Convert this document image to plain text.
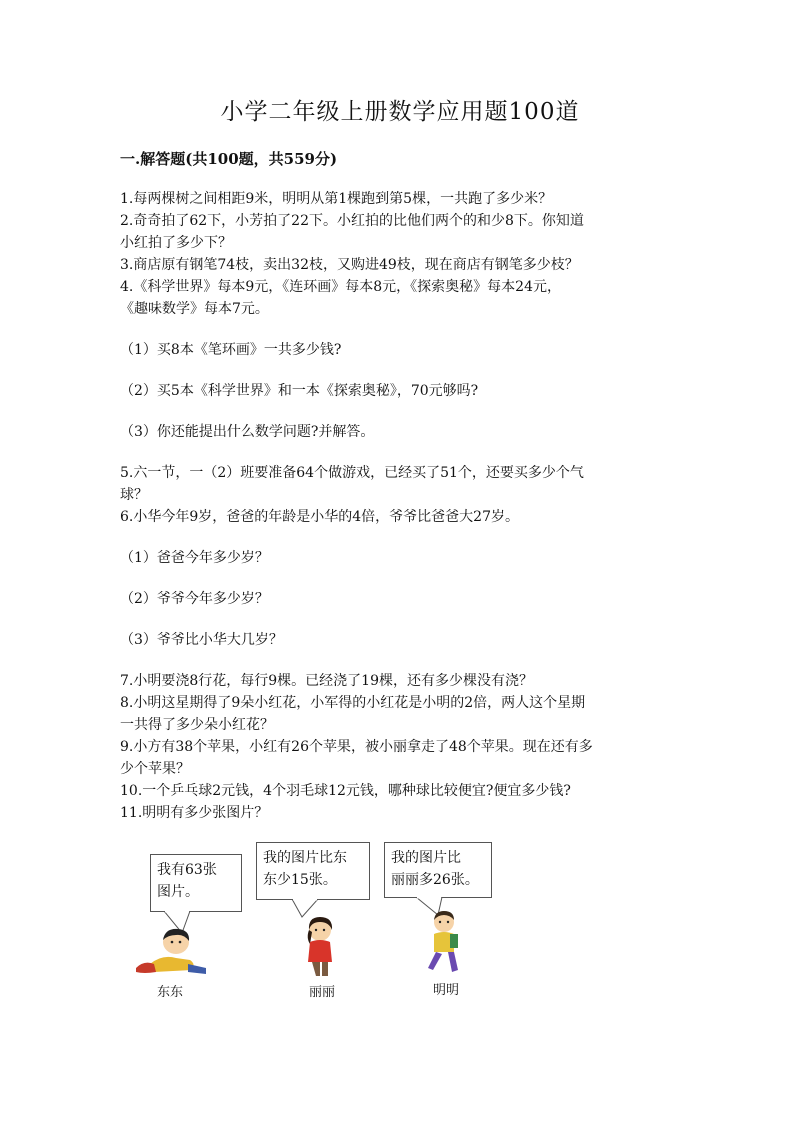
小学二年级上册数学应用题100道
一.解答题(共100题，共559分)

1.每两棵树之间相距9米，明明从第1棵跑到第5棵，一共跑了多少米？

2.奇奇拍了62下，小芳拍了22下。小红拍的比他们两个的和少8下。你知道

小红拍了多少下？

3.商店原有钢笔74枝，卖出32枝，又购进49枝，现在商店有钢笔多少枝？

4.《科学世界》每本9元，《连环画》每本8元，《探索奥秘》每本24元，

《趣味数学》每本7元。

（1）买8本《笔环画》一共多少钱?

（2）买5本《科学世界》和一本《探索奥秘》，70元够吗?

（3）你还能提出什么数学问题?并解答。

5.六一节，一（2）班要准备64个做游戏，已经买了51个，还要买多少个气

球？

6.小华今年9岁，爸爸的年龄是小华的4倍，爷爷比爸爸大27岁。

（1）爸爸今年多少岁？

（2）爷爷今年多少岁？

（3）爷爷比小华大几岁？

7.小明要浇8行花，每行9棵。已经浇了19棵，还有多少棵没有浇？

8.小明这星期得了9朵小红花，小军得的小红花是小明的2倍，两人这个星期

一共得了多少朵小红花？

9.小方有38个苹果，小红有26个苹果，被小丽拿走了48个苹果。现在还有多

少个苹果？

10.一个乒乓球2元钱，4个羽毛球12元钱，哪种球比较便宜?便宜多少钱?

11.明明有多少张图片？

我有63张
图片。
我的图片比东
东少15张。
我的图片比
丽丽多26张。
东东	丽丽	明明
